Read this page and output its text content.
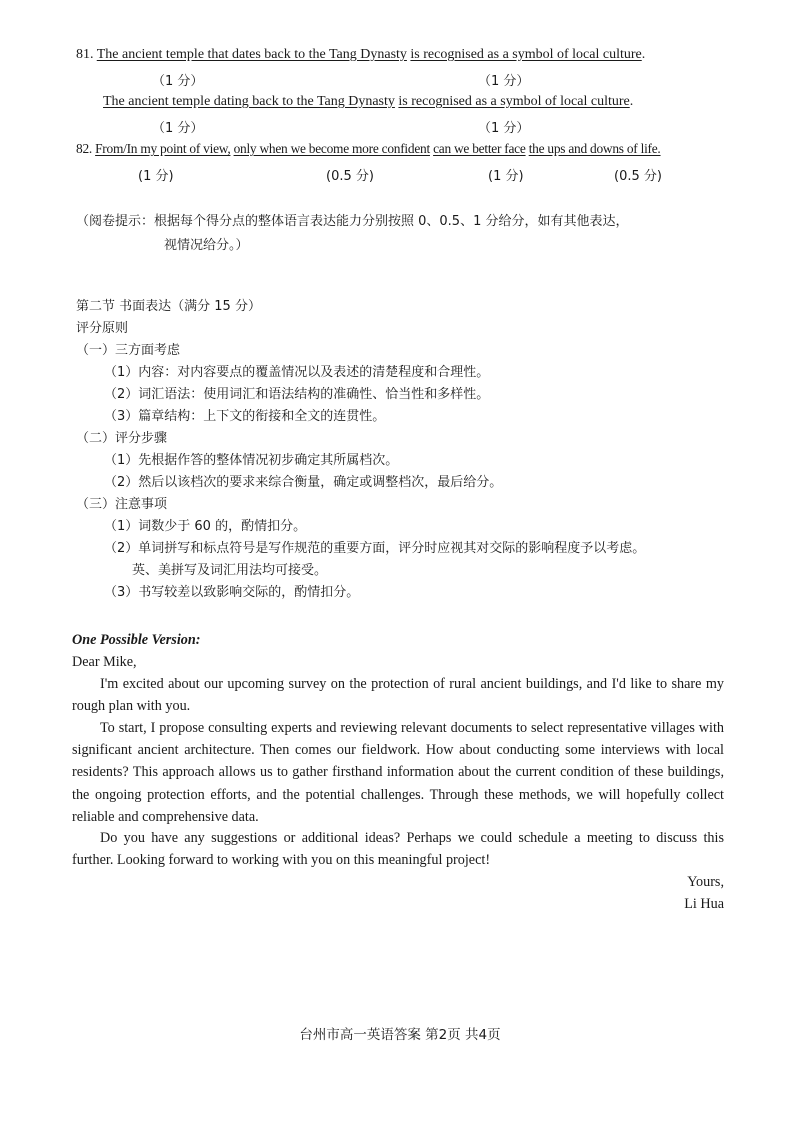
81. The ancient temple that dates back to the Tang Dynasty is recognised as a symbol of local culture.
（1 分）	（1 分）
The ancient temple dating back to the Tang Dynasty is recognised as a symbol of local culture.
（1 分）	（1 分）
82. From/In my point of view, only when we become more confident can we better face the ups and downs of life.
(1 分)	(0.5 分)	(1 分)	(0.5 分)
（阅卷提示：根据每个得分点的整体语言表达能力分别按照 0、0.5、1 分给分，如有其他表达，
视情况给分。）
第二节 书面表达（满分 15 分）
评分原则
（一）三方面考虑
（1）内容：对内容要点的覆盖情况以及表述的清楚程度和合理性。
（2）词汇语法：使用词汇和语法结构的准确性、恰当性和多样性。
（3）篇章结构：上下文的衔接和全文的连贯性。
（二）评分步骤
（1）先根据作答的整体情况初步确定其所属档次。
（2）然后以该档次的要求来综合衡量，确定或调整档次，最后给分。
（三）注意事项
（1）词数少于 60 的，酌情扣分。
（2）单词拼写和标点符号是写作规范的重要方面，评分时应视其对交际的影响程度予以考虑。
英、美拼写及词汇用法均可接受。
（3）书写较差以致影响交际的，酌情扣分。
One Possible Version:
Dear Mike,
I'm excited about our upcoming survey on the protection of rural ancient buildings, and I'd like to share my rough plan with you.
To start, I propose consulting experts and reviewing relevant documents to select representative villages with significant ancient architecture. Then comes our fieldwork. How about conducting some interviews with local residents? This approach allows us to gather firsthand information about the current condition of these buildings, the ongoing protection efforts, and the potential challenges. Through these methods, we will hopefully collect reliable and comprehensive data.
Do you have any suggestions or additional ideas? Perhaps we could schedule a meeting to discuss this further. Looking forward to working with you on this meaningful project!
Yours,
Li Hua
台州市高一英语答案 第2页 共4页
